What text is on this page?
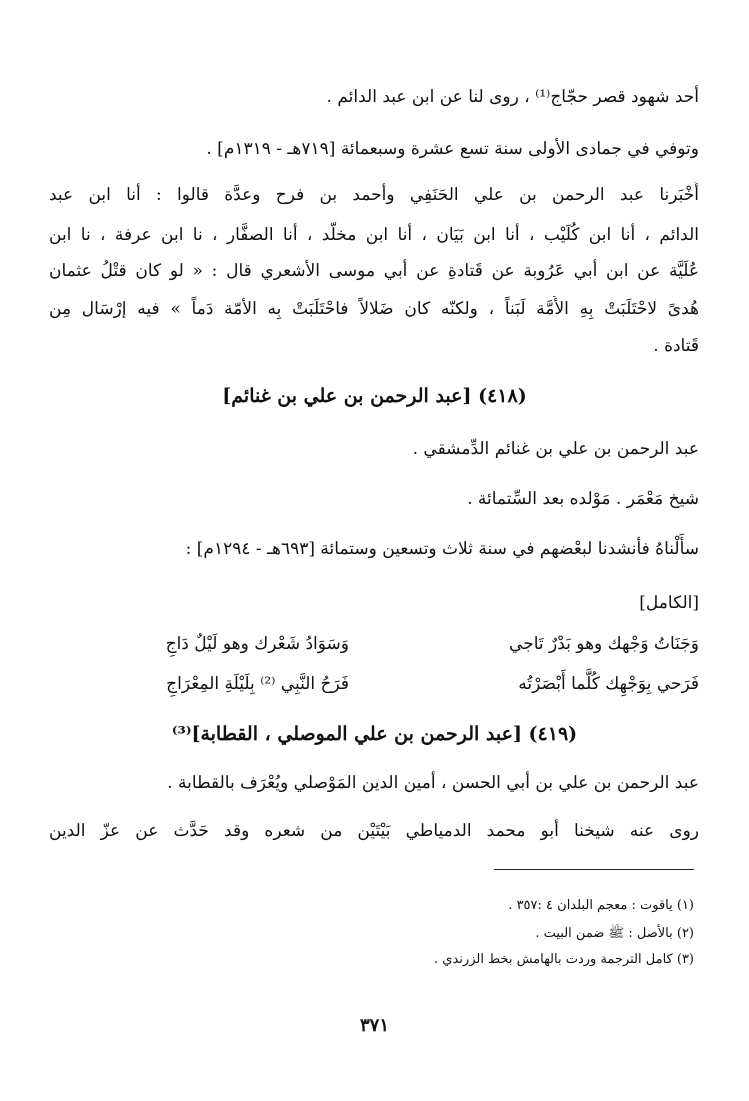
أحد شهود قصر حجّاج⁽¹⁾ ، روى لنا عن ابن عبد الدائم .
وتوفي في جمادى الأولى سنة تسع عشرة وسبعمائة [٧١٩هـ - ١٣١٩م] .
أَخْبَرنا عبد الرحمن بن علي الحَنَفِي وأحمد بن فرح وعدَّة قالوا : أنا ابن عبد
الدائم ، أنا ابن كُلَيْب ، أنا ابن بَيَان ، أنا ابن مخلَّد ، أنا الصفَّار ، نا ابن عرفة ، نا ابن
عُلَيَّة عن ابن أبي عَرُوبة عن قَتادةِ عن أبي موسى الأشعري قال : « لو كان قتْلُ عثمان
هُدىً لاحْتَلَبَتْ بِهِ الأُمَّة لَبَناً ، ولكنّه كان ضَلالاً فاحْتَلَبَتْ بِه الأمّة دَماً » فيه إرْسَال مِن
قَتادة .
(٤١٨) [عبد الرحمن بن علي بن غنائم]
عبد الرحمن بن علي بن غنائم الدِّمشقي .
شيخ مَعْمَر . مَوْلده بعد السِّتمائة .
سأَلْناهُ فأنشدنا لبعْضهم في سنة ثلاث وتسعين وستمائة [٦٩٣هـ - ١٢٩٤م] :
[الكامل]
وَجَنَاتُ وَجْهك وهو بَدْرٌ تَاجي
وَسَوَادُ شَعْرك وهو لَيْلٌ دَاجِ
فَرَحي بِوَجْهِك كُلَّما أَبْصَرْتُه
فَرَحُ النَّبِي ⁽²⁾ بِلَيْلَةِ المِعْرَاجِ
(٤١٩) [عبد الرحمن بن علي الموصلي ، القطابة]⁽³⁾
عبد الرحمن بن علي بن أبي الحسن ، أمين الدين المَوْصلي ويُعْرَف بالقطابة .
روى عنه شيخنا أبو محمد الدمياطي بَيْتَيْن من شعره وقد حَدَّث عن عزّ الدين
(١) ياقوت : معجم البلدان ٤ :٣٥٧ .
(٢) بالأصل : ﷺ ضمن البيت .
(٣) كامل الترجمة وردت بالهامش بخط الزرندي .
٣٧١
